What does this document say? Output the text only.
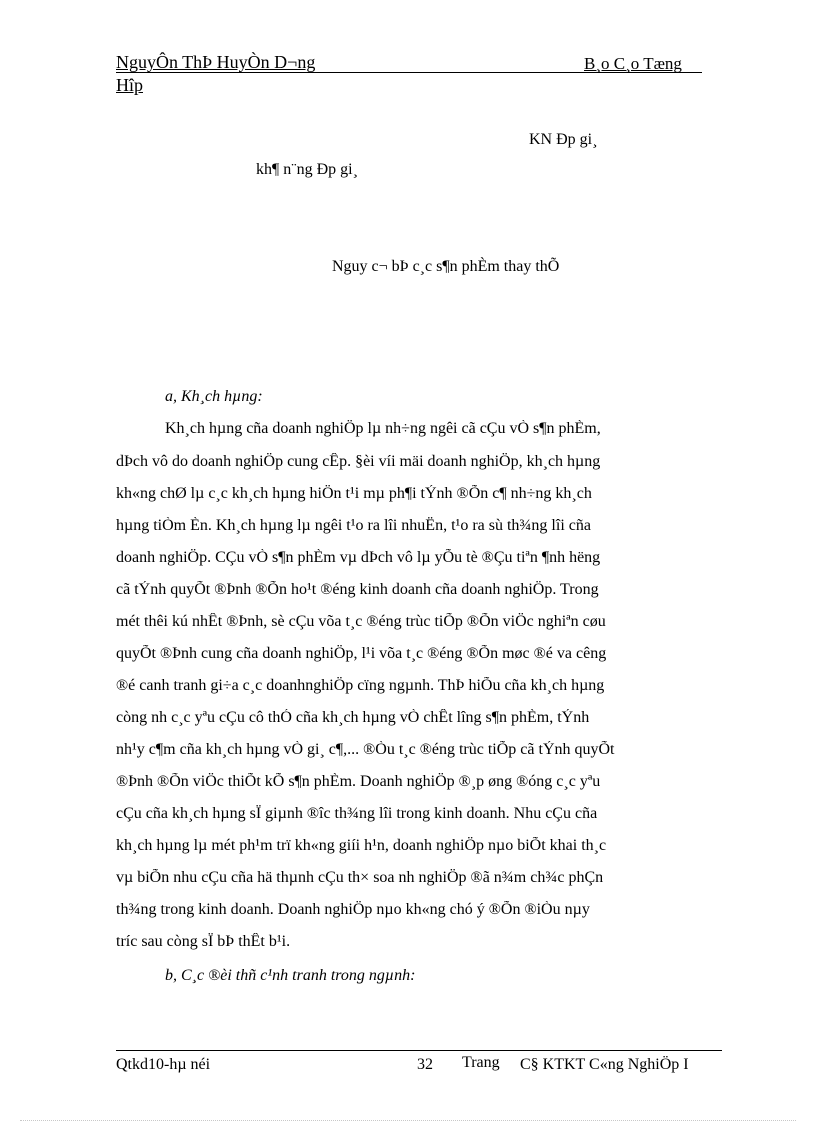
NguyÔn ThÞ HuyÒn D¬ng	B¸o C¸o Tæng
Hîp
KN Ðp gi¸
kh¶ n¨ng Ðp gi¸
Nguy c¬ bÞ c¸c s¶n phÈm thay thÕ
a, Kh¸ch hµng:
Kh¸ch hµng cña doanh nghiÖp lµ nh÷ng ngêi cã cÇu vÒ s¶n phÈm,
dÞch vô do doanh nghiÖp cung cÊp. §èi víi mäi doanh nghiÖp, kh¸ch hµng
kh«ng chØ lµ c¸c kh¸ch hµng hiÖn t¹i mµ ph¶i tÝnh ®Õn c¶ nh÷ng kh¸ch
hµng tiÒm Èn. Kh¸ch hµng lµ ngêi t¹o ra lîi nhuËn, t¹o ra sù th¾ng lîi cña
doanh nghiÖp. CÇu vÒ s¶n phÈm vµ dÞch vô lµ yÕu tè ®Çu tiªn ¶nh hëng
cã tÝnh quyÕt ®Þnh ®Õn ho¹t ®éng kinh doanh cña doanh nghiÖp. Trong
mét thêi kú nhÊt ®Þnh, sè cÇu võa t¸c ®éng trùc tiÕp ®Õn viÖc nghiªn cøu
quyÕt ®Þnh cung cña doanh nghiÖp, l¹i võa t¸c ®éng ®Õn møc ®é va cêng
®é canh tranh gi÷a c¸c doanhnghiÖp cïng ngµnh. ThÞ hiÕu cña kh¸ch hµng
còng nh c¸c yªu cÇu cô thÓ cña kh¸ch hµng vÒ chÊt lîng s¶n phÈm, tÝnh
nh¹y c¶m cña kh¸ch hµng vÒ gi¸ c¶,... ®Òu t¸c ®éng trùc tiÕp cã tÝnh quyÕt
®Þnh ®Õn viÖc thiÕt kÕ s¶n phÈm. Doanh nghiÖp ®¸p øng ®óng c¸c yªu
cÇu cña kh¸ch hµng sÏ giµnh ®îc th¾ng lîi trong kinh doanh. Nhu cÇu cña
kh¸ch hµng lµ mét ph¹m trï kh«ng giíi h¹n, doanh nghiÖp nµo biÕt khai th¸c
vµ biÕn nhu cÇu cña hä thµnh cÇu th× soa nh nghiÖp ®ã n¾m ch¾c phÇn
th¾ng trong kinh doanh. Doanh nghiÖp nµo kh«ng chó ý ®Õn ®iÒu nµy
tríc sau còng sÏ bÞ thÊt b¹i.
b, C¸c ®èi thñ c¹nh tranh trong ngµnh:
Qtkd10-hµ néi	32 Trang C§ KTKT C«ng NghiÖp I
